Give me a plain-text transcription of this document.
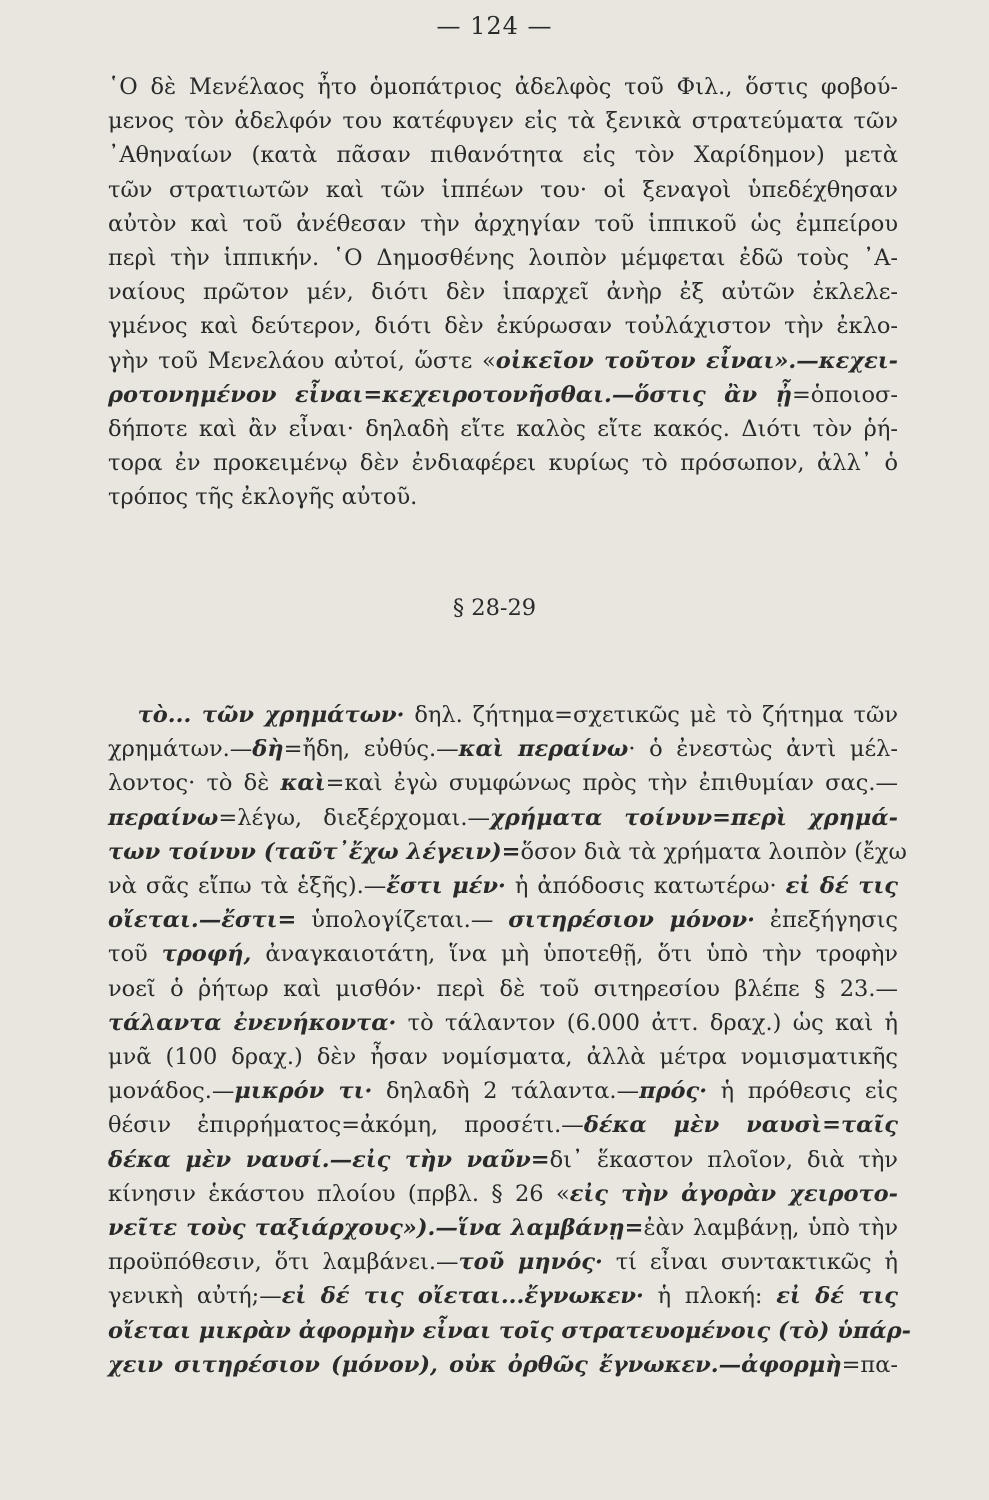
— 124 —
῾Ο δὲ Μενέλαος ἦτο ὁμοπάτριος ἀδελφὸς τοῦ Φιλ., ὅστις φοβού-
μενος τὸν ἀδελφόν του κατέφυγεν εἰς τὰ ξενικὰ στρατεύματα τῶν
᾿Αθηναίων (κατὰ πᾶσαν πιθανότητα εἰς τὸν Χαρίδημον) μετὰ
τῶν στρατιωτῶν καὶ τῶν ἱππέων του· οἱ ξεναγοὶ ὑπεδέχθησαν
αὐτὸν καὶ τοῦ ἀνέθεσαν τὴν ἀρχηγίαν τοῦ ἱππικοῦ ὡς ἐμπείρου
περὶ τὴν ἱππικήν. ῾Ο Δημοσθένης λοιπὸν μέμφεται ἐδῶ τοὺς ᾿Α-
ναίους πρῶτον μέν, διότι δὲν ἱπαρχεῖ ἀνὴρ ἐξ αὐτῶν ἐκλελε-
γμένος καὶ δεύτερον, διότι δὲν ἐκύρωσαν τοὐλάχιστον τὴν ἐκλο-
γὴν τοῦ Μενελάου αὐτοί, ὥστε «οἰκεῖον τοῦτον εἶναι».—κεχει-
ροτονημένον εἶναι=κεχειροτονῆσθαι.—ὅστις ἂν ᾖ=ὁποιοσ-
δήποτε καὶ ἂν εἶναι· δηλαδὴ εἴτε καλὸς εἴτε κακός. Διότι τὸν ῥή-
τορα ἐν προκειμένῳ δὲν ἐνδιαφέρει κυρίως τὸ πρόσωπον, ἀλλ᾿ ὁ
τρόπος τῆς ἐκλογῆς αὐτοῦ.
§ 28-29
τὸ... τῶν χρημάτων· δηλ. ζήτημα=σχετικῶς μὲ τὸ ζήτημα τῶν
χρημάτων.—δὴ=ἤδη, εὐθύς.—καὶ περαίνω· ὁ ἐνεστὼς ἀντὶ μέλ-
λοντος· τὸ δὲ καὶ=καὶ ἐγὼ συμφώνως πρὸς τὴν ἐπιθυμίαν σας.—
περαίνω=λέγω, διεξέρχομαι.—χρήματα τοίνυν=περὶ χρημά-
των τοίνυν (ταῦτ᾿ἔχω λέγειν)=ὅσον διὰ τὰ χρήματα λοιπὸν (ἔχω
νὰ σᾶς εἴπω τὰ ἑξῆς).—ἔστι μέν· ἡ ἀπόδοσις κατωτέρω· εἰ δέ τις
οἴεται.—ἔστι= ὑπολογίζεται.— σιτηρέσιον μόνον· ἐπεξήγησις
τοῦ τροφή, ἀναγκαιοτάτη, ἵνα μὴ ὑποτεθῇ, ὅτι ὑπὸ τὴν τροφὴν
νοεῖ ὁ ῥήτωρ καὶ μισθόν· περὶ δὲ τοῦ σιτηρεσίου βλέπε § 23.—
τάλαντα ἐνενήκοντα· τὸ τάλαντον (6.000 ἀττ. δραχ.) ὡς καὶ ἡ
μνᾶ (100 δραχ.) δὲν ἦσαν νομίσματα, ἀλλὰ μέτρα νομισματικῆς
μονάδος.—μικρόν τι· δηλαδὴ 2 τάλαντα.—πρός· ἡ πρόθεσις εἰς
θέσιν ἐπιρρήματος=ἀκόμη, προσέτι.—δέκα μὲν ναυσὶ=ταῖς
δέκα μὲν ναυσί.—εἰς τὴν ναῦν=δι᾿ ἕκαστον πλοῖον, διὰ τὴν
κίνησιν ἑκάστου πλοίου (πρβλ. § 26 «εἰς τὴν ἀγορὰν χειροτο-
νεῖτε τοὺς ταξιάρχους»).—ἵνα λαμβάνῃ=ἐὰν λαμβάνῃ, ὑπὸ τὴν
προϋπόθεσιν, ὅτι λαμβάνει.—τοῦ μηνός· τί εἶναι συντακτικῶς ἡ
γενικὴ αὐτή;—εἰ δέ τις οἴεται...ἔγνωκεν· ἡ πλοκή: εἰ δέ τις
οἴεται μικρὰν ἀφορμὴν εἶναι τοῖς στρατευομένοις (τὸ) ὑπάρ-
χειν σιτηρέσιον (μόνον), οὐκ ὀρθῶς ἔγνωκεν.—ἀφορμὴ=πα-
